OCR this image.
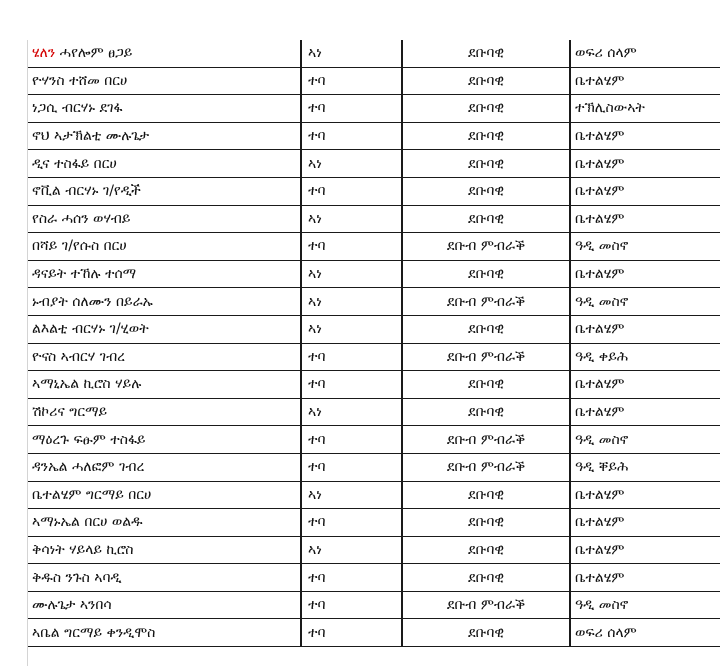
ሄለን ሓየሎም ፀጋይ	ኣነ	ደቡባዊ	ወፍሪ ሰላም
ዮሃንስ ተሸመ በርሀ	ተባ	ደቡባዊ	ቤተልሄም
ነጋሲ ብርሃኑ ደገፋ	ተባ	ደቡባዊ	ተኽሊስውኣት
ኖህ ኣታኽልቲ ሙሉጌታ	ተባ	ደቡባዊ	ቤተልሄም
ዲና ተስፋይ በርሀ	ኣነ	ደቡባዊ	ቤተልሄም
ኖቪል ብርሃኑ ገ/የዲች	ተባ	ደቡባዊ	ቤተልሄም
የስራ ሓሰን ወሃብይ	ኣነ	ደቡባዊ	ቤተልሄም
በሻይ ገ/የሱስ በርሀ	ተባ	ደቡብ ምብራቕ	ዓዲ መስኖ
ዳናይት ተኸሉ ተሰማ	ኣነ	ደቡባዊ	ቤተልሄም
ኑብያት ሰለሙን በይራኡ	ኣነ	ደቡብ ምብራቕ	ዓዲ መስኖ
ልእልቲ ብርሃኑ ገ/ሂወት	ኣነ	ደቡባዊ	ቤተልሄም
ዮናስ ኣብርሃ ገብረ	ተባ	ደቡብ ምብራቕ	ዓዲ ቀይሕ
ኣማኒኤል ኪሮስ ሃይሉ	ተባ	ደቡባዊ	ቤተልሄም
ሽኮሪና ግርማይ	ኣነ	ደቡባዊ	ቤተልሄም
ማዕረጉ ፍፁም ተስፋይ	ተባ	ደቡብ ምብራቕ	ዓዲ መስኖ
ዳንኤል ሓለፎም ገብረ	ተባ	ደቡብ ምብራቕ	ዓዲ ቐይሕ
ቤተልሄም ግርማይ በርሀ	ኣነ	ደቡባዊ	ቤተልሄም
ኣማኑኤል በርሀ ወልዱ	ተባ	ደቡባዊ	ቤተልሄም
ቅሳነት ሃይላይ ኪሮስ	ኣነ	ደቡባዊ	ቤተልሄም
ቅዱስ ንጉስ ኣባዲ	ተባ	ደቡባዊ	ቤተልሄም
ሙሉጌታ ኣንበሳ	ተባ	ደቡብ ምብራቕ	ዓዲ መስኖ
ኣቤል ግርማይ ቀንዲሞስ	ተባ	ደቡባዊ	ወፍሪ ሰላም
